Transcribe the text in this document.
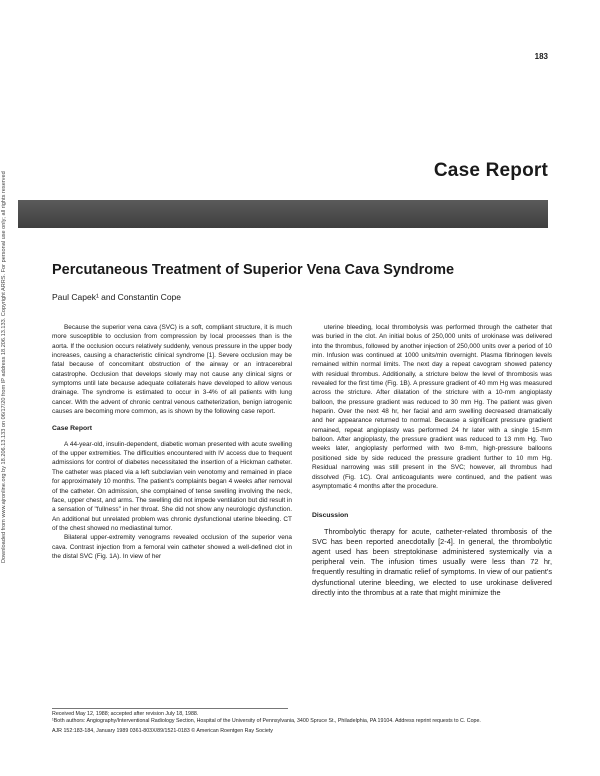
Downloaded from www.ajronline.org by 18.206.13.133 on 06/17/20 from IP address 18.206.13.133. Copyright ARRS. For personal use only; all rights reserved
183
Case Report
Percutaneous Treatment of Superior Vena Cava Syndrome
Paul Capek¹ and Constantin Cope

Because the superior vena cava (SVC) is a soft, compliant structure, it is much more susceptible to occlusion from compression by local processes than is the aorta. If the occlusion occurs relatively suddenly, venous pressure in the upper body increases, causing a characteristic clinical syndrome [1]. Severe occlusion may be fatal because of concomitant obstruction of the airway or an intracerebral catastrophe. Occlusion that develops slowly may not cause any clinical signs or symptoms until late because adequate collaterals have developed to allow venous drainage. The syndrome is estimated to occur in 3-4% of all patients with lung cancer. With the advent of chronic central venous catheterization, benign iatrogenic causes are becoming more common, as is shown by the following case report.

Case Report

A 44-year-old, insulin-dependent, diabetic woman presented with acute swelling of the upper extremities. The difficulties encountered with IV access due to frequent admissions for control of diabetes necessitated the insertion of a Hickman catheter. The catheter was placed via a left subclavian vein venotomy and remained in place for approximately 10 months. The patient's complaints began 4 weeks after removal of the catheter. On admission, she complained of tense swelling involving the neck, face, upper chest, and arms. The swelling did not impede ventilation but did result in a sensation of "fullness" in her throat. She did not show any neurologic dysfunction. An additional but unrelated problem was chronic dysfunctional uterine bleeding. CT of the chest showed no mediastinal tumor.

Bilateral upper-extremity venograms revealed occlusion of the superior vena cava. Contrast injection from a femoral vein catheter showed a well-defined clot in the distal SVC (Fig. 1A). In view of her

uterine bleeding, local thrombolysis was performed through the catheter that was buried in the clot. An initial bolus of 250,000 units of urokinase was delivered into the thrombus, followed by another injection of 250,000 units over a period of 10 min. Infusion was continued at 1000 units/min overnight. Plasma fibrinogen levels remained within normal limits. The next day a repeat cavogram showed patency with residual thrombus. Additionally, a stricture below the level of thrombosis was revealed for the first time (Fig. 1B). A pressure gradient of 40 mm Hg was measured across the stricture. After dilatation of the stricture with a 10-mm angioplasty balloon, the pressure gradient was reduced to 30 mm Hg. The patient was given heparin. Over the next 48 hr, her facial and arm swelling decreased dramatically and her appearance returned to normal. Because a significant pressure gradient remained, repeat angioplasty was performed 24 hr later with a single 15-mm balloon. After angioplasty, the pressure gradient was reduced to 13 mm Hg. Two weeks later, angioplasty performed with two 8-mm, high-pressure balloons positioned side by side reduced the pressure gradient further to 10 mm Hg. Residual narrowing was still present in the SVC; however, all thrombus had dissolved (Fig. 1C). Oral anticoagulants were continued, and the patient was asymptomatic 4 months after the procedure.

Discussion

Thrombolytic therapy for acute, catheter-related thrombosis of the SVC has been reported anecdotally [2-4]. In general, the thrombolytic agent used has been streptokinase administered systemically via a peripheral vein. The infusion times usually were less than 72 hr, frequently resulting in dramatic relief of symptoms. In view of our patient's dysfunctional uterine bleeding, we elected to use urokinase delivered directly into the thrombus at a rate that might minimize the

Received May 12, 1988; accepted after revision July 18, 1988.

¹Both authors: Angiography/Interventional Radiology Section, Hospital of the University of Pennsylvania, 3400 Spruce St., Philadelphia, PA 19104. Address reprint requests to C. Cope.

AJR 152:183-184, January 1989 0361-803X/89/1521-0183 © American Roentgen Ray Society
